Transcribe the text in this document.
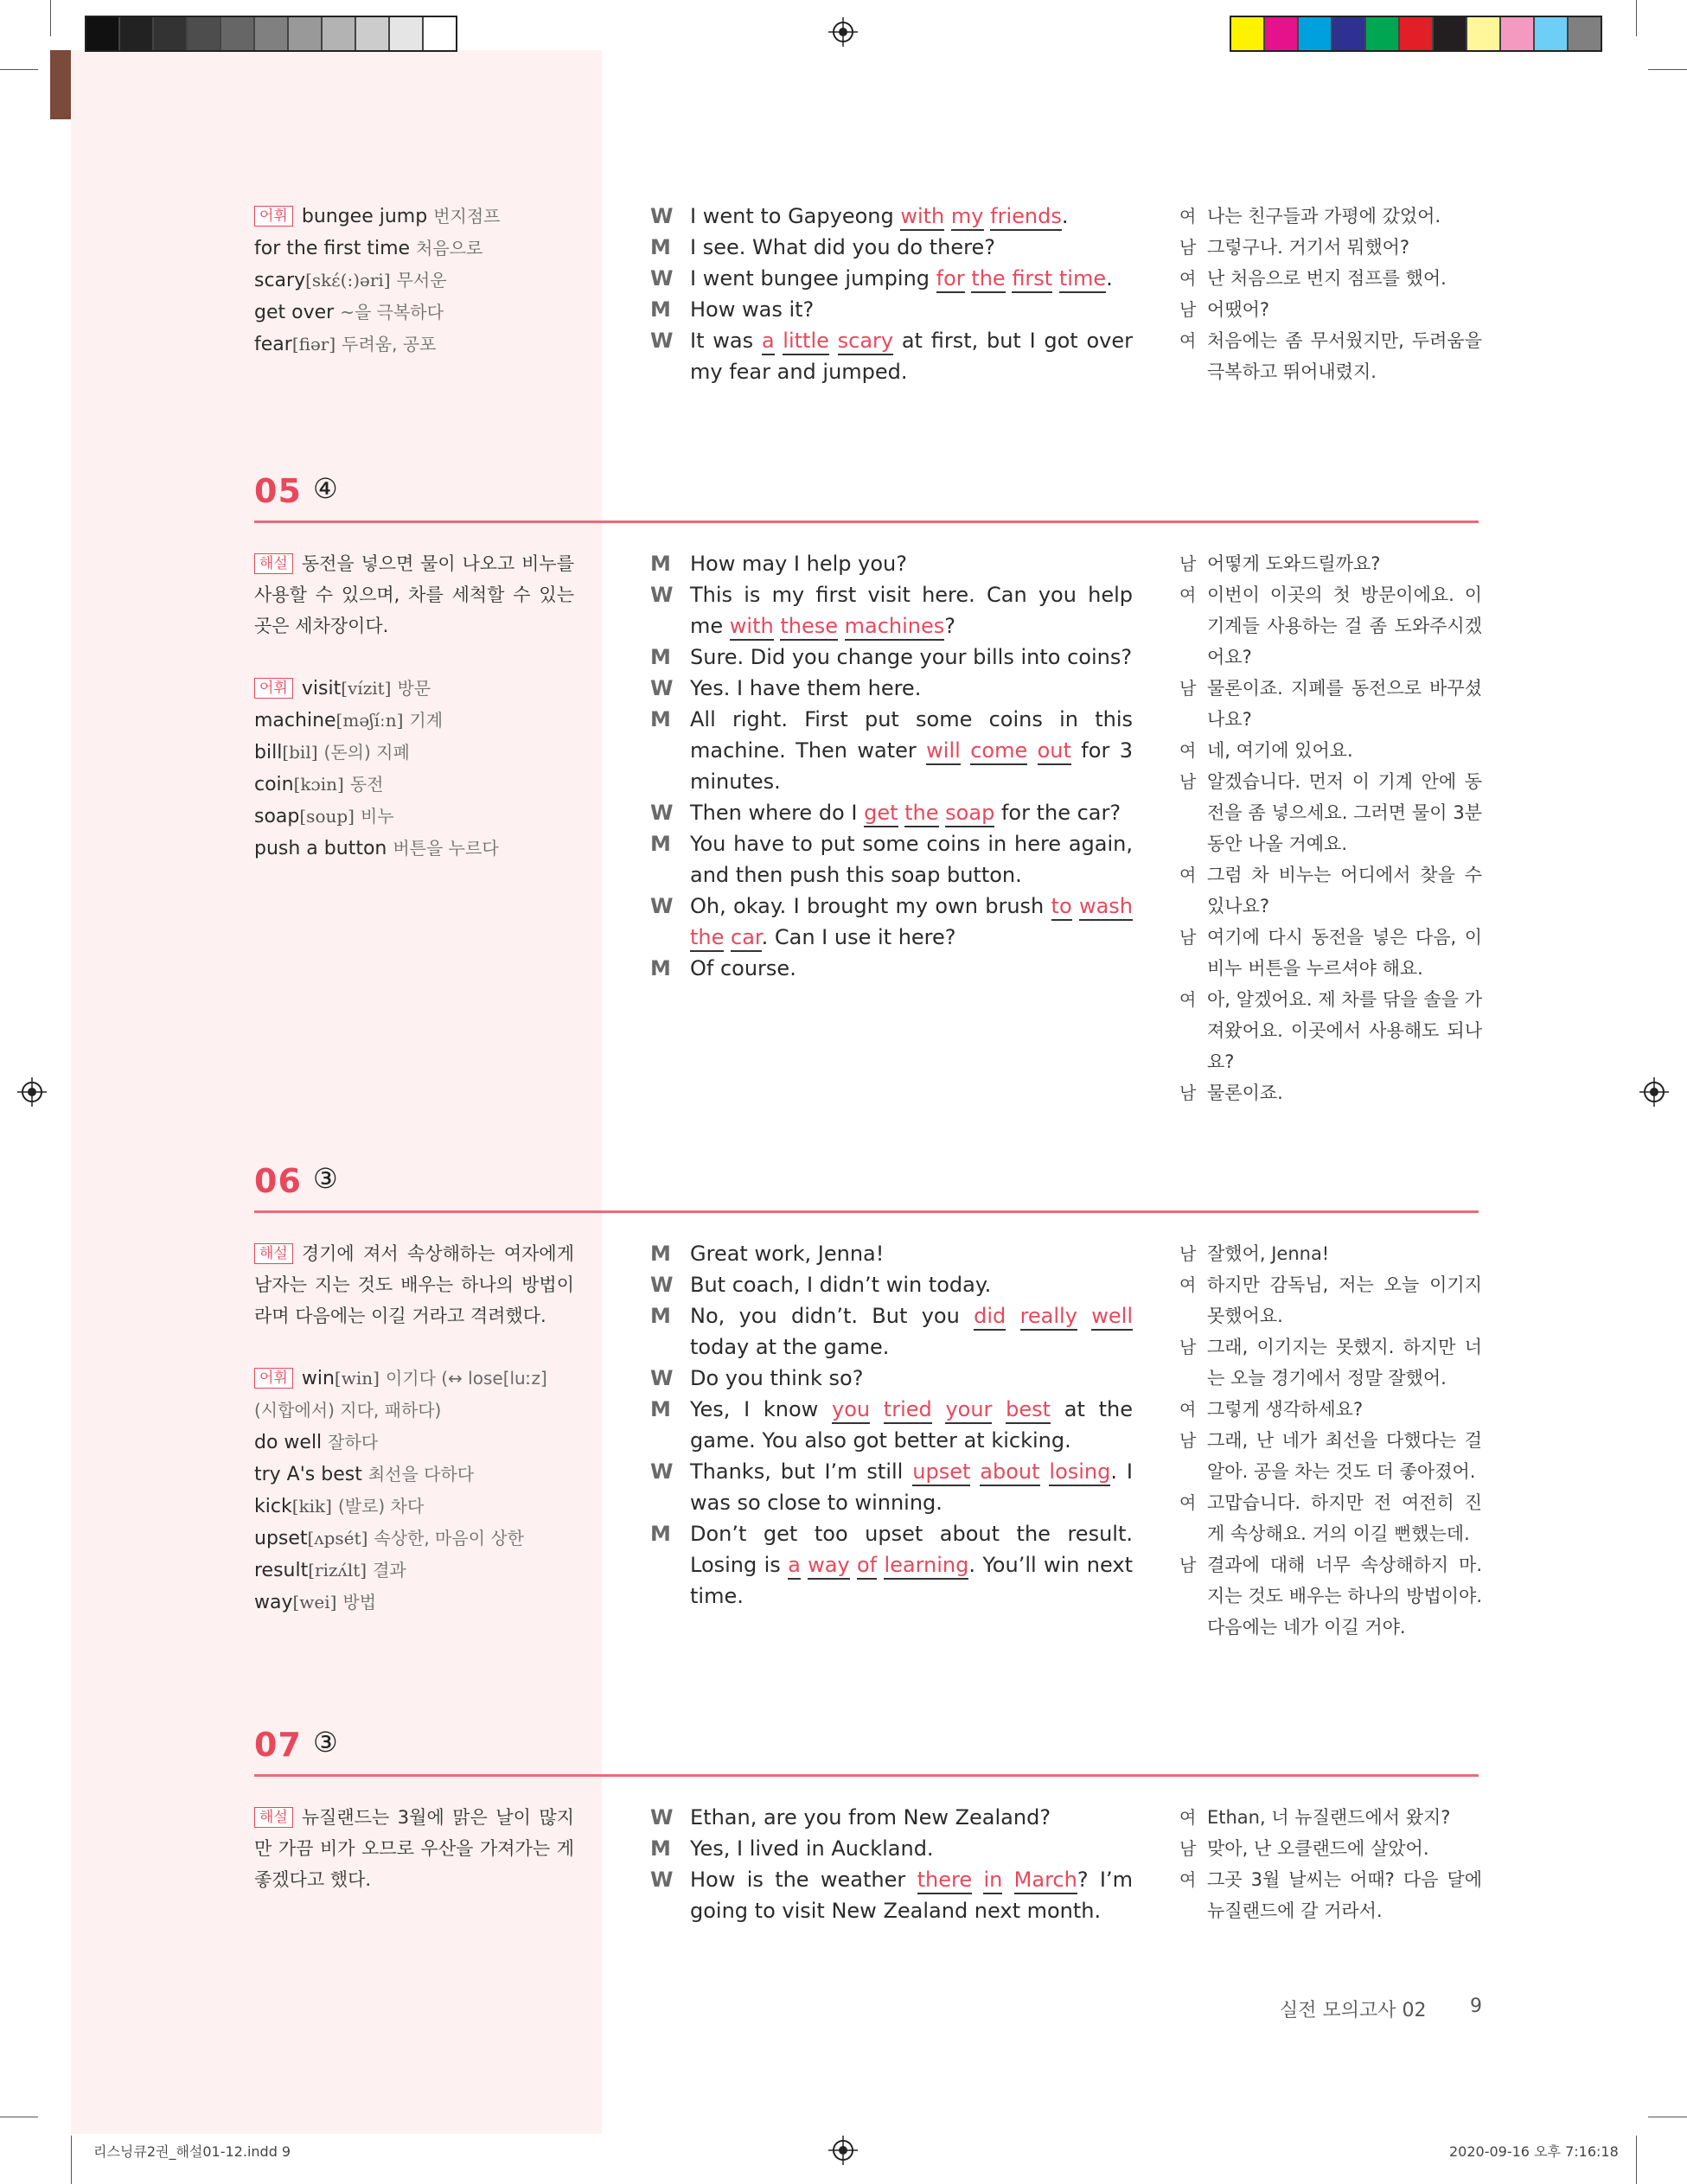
어휘 bungee jump 번지점프
for the first time 처음으로
scary[skέ(:)əri] 무서운
get over ~을 극복하다
fear[fiər] 두려움, 공포
W I went to Gapyeong with my friends.
M I see. What did you do there?
W I went bungee jumping for the first time.
M How was it?
W It was a little scary at first, but I got over my fear and jumped.
여 나는 친구들과 가평에 갔었어.
남 그렇구나. 거기서 뭐했어?
여 난 처음으로 번지 점프를 했어.
남 어땠어?
여 처음에는 좀 무서웠지만, 두려움을 극복하고 뛰어내렸지.
05 ④
해설 동전을 넣으면 물이 나오고 비누를 사용할 수 있으며, 차를 세척할 수 있는 곳은 세차장이다.
어휘 visit[vízit] 방문
machine[məʃíːn] 기계
bill[bil] (돈의) 지폐
coin[kɔin] 동전
soap[soup] 비누
push a button 버튼을 누르다
M How may I help you?
W This is my first visit here. Can you help me with these machines?
M Sure. Did you change your bills into coins?
W Yes. I have them here.
M All right. First put some coins in this machine. Then water will come out for 3 minutes.
W Then where do I get the soap for the car?
M You have to put some coins in here again, and then push this soap button.
W Oh, okay. I brought my own brush to wash the car. Can I use it here?
M Of course.
남 어떻게 도와드릴까요?
여 이번이 이곳의 첫 방문이에요. 이 기계들 사용하는 걸 좀 도와주시겠어요?
남 물론이죠. 지폐를 동전으로 바꾸셨나요?
여 네, 여기에 있어요.
남 알겠습니다. 먼저 이 기계 안에 동전을 좀 넣으세요. 그러면 물이 3분 동안 나올 거예요.
여 그럼 차 비누는 어디에서 찾을 수 있나요?
남 여기에 다시 동전을 넣은 다음, 이 비누 버튼을 누르셔야 해요.
여 아, 알겠어요. 제 차를 닦을 솔을 가져왔어요. 이곳에서 사용해도 되나요?
남 물론이죠.
06 ③
해설 경기에 져서 속상해하는 여자에게 남자는 지는 것도 배우는 하나의 방법이라며 다음에는 이길 거라고 격려했다.
어휘 win[win] 이기다 (↔ lose[luːz] (시합에서) 지다, 패하다)
do well 잘하다
try A's best 최선을 다하다
kick[kik] (발로) 차다
upset[ʌpsét] 속상한, 마음이 상한
result[rizʌ́lt] 결과
way[wei] 방법
M Great work, Jenna!
W But coach, I didn’t win today.
M No, you didn’t. But you did really well today at the game.
W Do you think so?
M Yes, I know you tried your best at the game. You also got better at kicking.
W Thanks, but I’m still upset about losing. I was so close to winning.
M Don’t get too upset about the result. Losing is a way of learning. You’ll win next time.
남 잘했어, Jenna!
여 하지만 감독님, 저는 오늘 이기지 못했어요.
남 그래, 이기지는 못했지. 하지만 너는 오늘 경기에서 정말 잘했어.
여 그렇게 생각하세요?
남 그래, 난 네가 최선을 다했다는 걸 알아. 공을 차는 것도 더 좋아졌어.
여 고맙습니다. 하지만 전 여전히 진 게 속상해요. 거의 이길 뻔했는데.
남 결과에 대해 너무 속상해하지 마. 지는 것도 배우는 하나의 방법이야. 다음에는 네가 이길 거야.
07 ③
해설 뉴질랜드는 3월에 맑은 날이 많지만 가끔 비가 오므로 우산을 가져가는 게 좋겠다고 했다.
W Ethan, are you from New Zealand?
M Yes, I lived in Auckland.
W How is the weather there in March? I’m going to visit New Zealand next month.
여 Ethan, 너 뉴질랜드에서 왔지?
남 맞아, 난 오클랜드에 살았어.
여 그곳 3월 날씨는 어때? 다음 달에 뉴질랜드에 갈 거라서.
실전 모의고사 02 9
리스닝큐2권_해설01-12.indd 9	2020-09-16 오후 7:16:18
